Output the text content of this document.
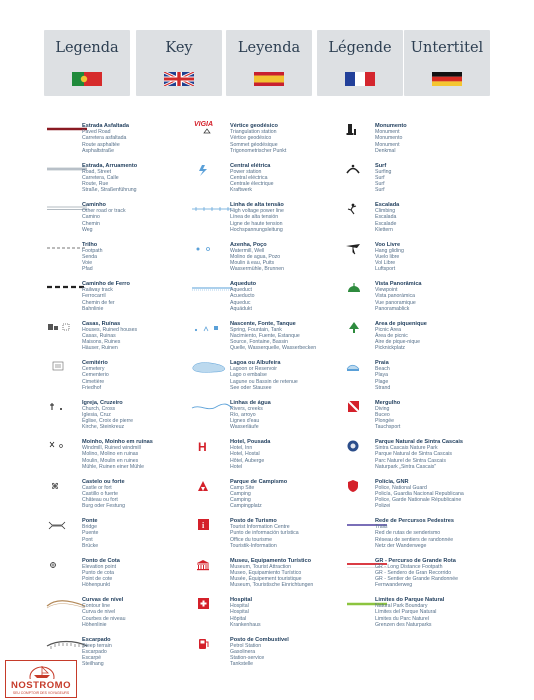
Legenda	Key	Leyenda	Légende	Untertitel
Estrada Asfaltada
Paved Road
Carretera asfaltada
Route asphaltée
Asphaltstraße
Estrada, Arruamento
Road, Street
Carretera, Calle
Route, Rue
Straße, Straßenführung
Caminho
Other road or track
Camino
Chemin
Weg
Trilho
Footpath
Senda
Voie
Pfad
Caminho de Ferro
Railway track
Ferrocarril
Chemin de fer
Bahnlinie
Casas, Ruínas
Houses, Ruined houses
Casas, Ruinas
Maisons, Ruines
Häuser, Ruinen
Cemitério
Cemetery
Cementerio
Cimetière
Friedhof
Igreja, Cruzeiro
Church, Cross
Iglesia, Cruz
Église, Croix de pierre
Kirche, Steinkreuz
Moinho, Moinho em ruínas
Windmill, Ruined windmill
Molino, Molino en ruinas
Moulin, Moulin en ruines
Mühle, Ruinen einer Mühle
⌘	Castelo ou forte
Castle or fort
Castillo o fuerte
Château ou fort
Burg oder Festung
Ponte
Bridge
Puente
Pont
Brücke
Ponto de Cota
Elevation point
Punto de cota
Point de cote
Höhenpunkt
Curvas de nível
Contour line
Curva de nivel
Courbes de niveau
Höhenlinie
Escarpado
Steep terrain
Escarpado
Escarpé
Steilhang
VIGIA	Vértice geodésico
Triangulation station
Vértice geodésico
Sommet géodésique
Trigonometrischer Punkt
Central elétrica
Power station
Central eléctrica
Centrale électrique
Kraftwerk
Linha de alta tensão
High voltage power line
Línea de alta tensión
Ligne de haute tension
Hochspannungsleitung
Azenha, Poço
Watermill, Well
Molino de agua, Pozo
Moulin à eau, Puits
Wassermühle, Brunnen
Aqueduto
Aqueduct
Acueducto
Aqueduc
Aquädukt
Nascente, Fonte, Tanque
Spring, Fountain, Tank
Nacimiento, Fuente, Estanque
Source, Fontaine, Bassin
Quelle, Wasserquelle, Wasserbecken
Lagoa ou Albufeira
Lagoon or Reservoir
Lago o embalse
Lagune ou Bassin de retenue
See oder Stausee
Linhas de água
Rivers, creeks
Río, arroyo
Lignes d'eau
Wasserläufe
H	Hotel, Pousada
Hotel, Inn
Hotel, Hostal
Hôtel, Auberge
Hotel
Parque de Campismo
Camp Site
Camping
Camping
Campingplatz
i	Posto de Turismo
Tourist Information Centre
Punto de información turística
Office du tourisme
Touristik-Information
Museu, Equipamento Turístico
Museum, Tourist Attraction
Museo, Equipamiento Turístico
Musée, Équipement touristique
Museum, Touristische Einrichtungen
Hospital
Hospital
Hospital
Hôpital
Krankenhaus
Posto de Combustível
Petrol Station
Gasolinera
Station-service
Tankstelle
Monumento
Monument
Monumento
Monument
Denkmal
Surf
Surfing
Surf
Surf
Surf
Escalada
Climbing
Escalada
Escalade
Klettern
Voo Livre
Hang gliding
Vuelo libre
Vol Libre
Luftsport
Vista Panorâmica
Viewpoint
Vista panorámica
Vue panoramique
Panoramablick
Área de piquenique
Picnic Area
Área de picnic
Aire de pique-nique
Picknickplatz
Praia
Beach
Playa
Plage
Strand
Mergulho
Diving
Buceo
Plongée
Tauchsport
Parque Natural de Sintra Cascais
Sintra Cascais Nature Park
Parque Natural de Sintra Cascais
Parc Naturel de Sintra Cascais
Naturpark „Sintra Cascais"
Polícia, GNR
Police, National Guard
Policía, Guardia Nacional Republicana
Police, Garde Nationale Républicaine
Polizei
Rede de Percursos Pedestres
Trails
Red de rutas de senderismo
Réseau de sentiers de randonnée
Netz der Wanderwege
GR - Percurso de Grande Rota
GR - Long Distance Footpath
GR - Sendero de Gran Recorrido
GR - Sentier de Grande Randonnée
Fernwanderweg
Limites do Parque Natural
Natural Park Boundary
Límites del Parque Natural
Limites du Parc Naturel
Grenzen des Naturparks
NOSTROMO
SEU COMPTOIR DES VOYAGEURS
